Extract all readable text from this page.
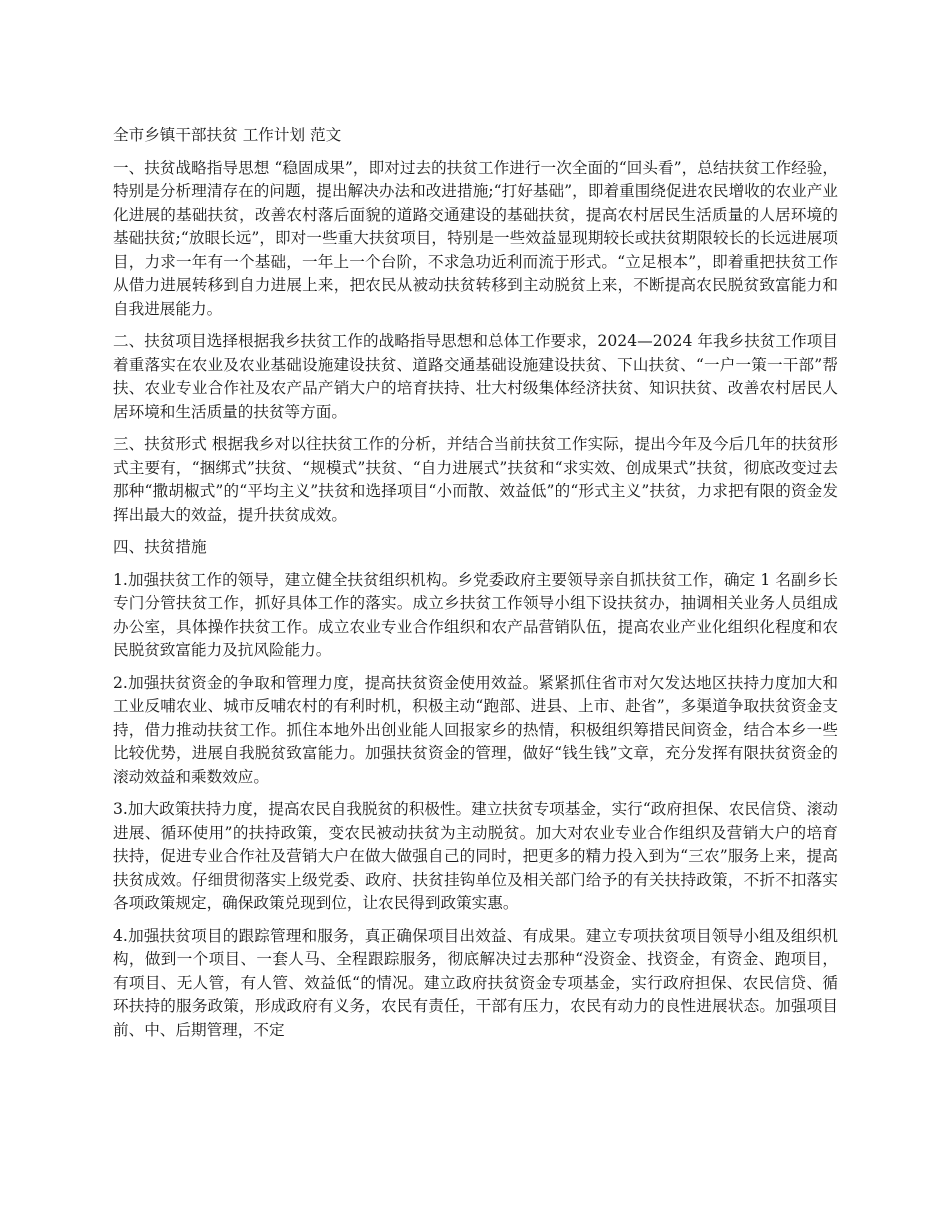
全市乡镇干部扶贫 工作计划 范文

一、扶贫战略指导思想 “稳固成果”，即对过去的扶贫工作进行一次全面的“回头看”，总结扶贫工作经验，特别是分析理清存在的问题，提出解决办法和改进措施;“打好基础”，即着重围绕促进农民增收的农业产业化进展的基础扶贫，改善农村落后面貌的道路交通建设的基础扶贫，提高农村居民生活质量的人居环境的基础扶贫;“放眼长远”，即对一些重大扶贫项目，特别是一些效益显现期较长或扶贫期限较长的长远进展项目，力求一年有一个基础，一年上一个台阶，不求急功近利而流于形式。“立足根本”，即着重把扶贫工作从借力进展转移到自力进展上来，把农民从被动扶贫转移到主动脱贫上来，不断提高农民脱贫致富能力和自我进展能力。

二、扶贫项目选择根据我乡扶贫工作的战略指导思想和总体工作要求，2024—2024 年我乡扶贫工作项目着重落实在农业及农业基础设施建设扶贫、道路交通基础设施建设扶贫、下山扶贫、“一户一策一干部”帮扶、农业专业合作社及农产品产销大户的培育扶持、壮大村级集体经济扶贫、知识扶贫、改善农村居民人居环境和生活质量的扶贫等方面。

三、扶贫形式 根据我乡对以往扶贫工作的分析，并结合当前扶贫工作实际，提出今年及今后几年的扶贫形式主要有，“捆绑式”扶贫、“规模式”扶贫、“自力进展式”扶贫和“求实效、创成果式”扶贫，彻底改变过去那种“撒胡椒式”的“平均主义”扶贫和选择项目“小而散、效益低”的“形式主义”扶贫，力求把有限的资金发挥出最大的效益，提升扶贫成效。

四、扶贫措施

1.加强扶贫工作的领导，建立健全扶贫组织机构。乡党委政府主要领导亲自抓扶贫工作，确定 1 名副乡长专门分管扶贫工作，抓好具体工作的落实。成立乡扶贫工作领导小组下设扶贫办，抽调相关业务人员组成办公室，具体操作扶贫工作。成立农业专业合作组织和农产品营销队伍，提高农业产业化组织化程度和农民脱贫致富能力及抗风险能力。

2.加强扶贫资金的争取和管理力度，提高扶贫资金使用效益。紧紧抓住省市对欠发达地区扶持力度加大和工业反哺农业、城市反哺农村的有利时机，积极主动“跑部、进县、上市、赴省”，多渠道争取扶贫资金支持，借力推动扶贫工作。抓住本地外出创业能人回报家乡的热情，积极组织筹措民间资金，结合本乡一些比较优势，进展自我脱贫致富能力。加强扶贫资金的管理，做好“钱生钱”文章，充分发挥有限扶贫资金的滚动效益和乘数效应。

3.加大政策扶持力度，提高农民自我脱贫的积极性。建立扶贫专项基金，实行“政府担保、农民信贷、滚动进展、循环使用”的扶持政策，变农民被动扶贫为主动脱贫。加大对农业专业合作组织及营销大户的培育扶持，促进专业合作社及营销大户在做大做强自己的同时，把更多的精力投入到为“三农”服务上来，提高扶贫成效。仔细贯彻落实上级党委、政府、扶贫挂钩单位及相关部门给予的有关扶持政策，不折不扣落实各项政策规定，确保政策兑现到位，让农民得到政策实惠。

4.加强扶贫项目的跟踪管理和服务，真正确保项目出效益、有成果。建立专项扶贫项目领导小组及组织机构，做到一个项目、一套人马、全程跟踪服务，彻底解决过去那种“没资金、找资金，有资金、跑项目，有项目、无人管，有人管、效益低“的情况。建立政府扶贫资金专项基金，实行政府担保、农民信贷、循环扶持的服务政策，形成政府有义务，农民有责任，干部有压力，农民有动力的良性进展状态。加强项目前、中、后期管理，不定
